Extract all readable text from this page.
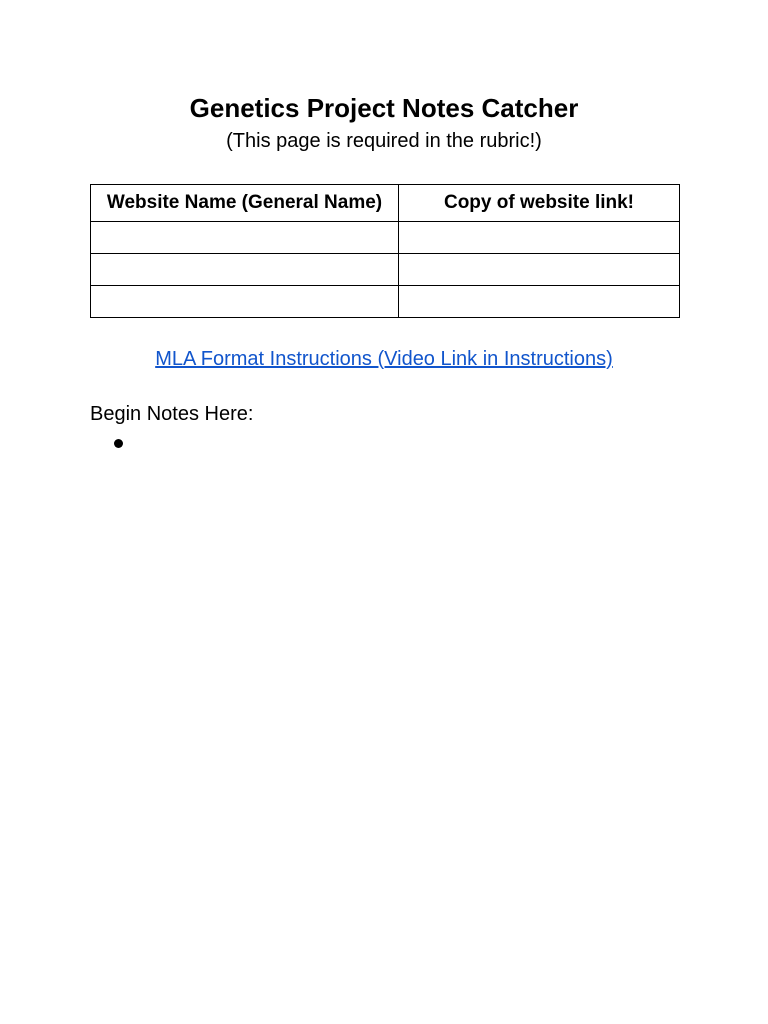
Genetics Project Notes Catcher
(This page is required in the rubric!)
Website Name (General Name)	Copy of website link!

MLA Format Instructions (Video Link in Instructions)
Begin Notes Here:
